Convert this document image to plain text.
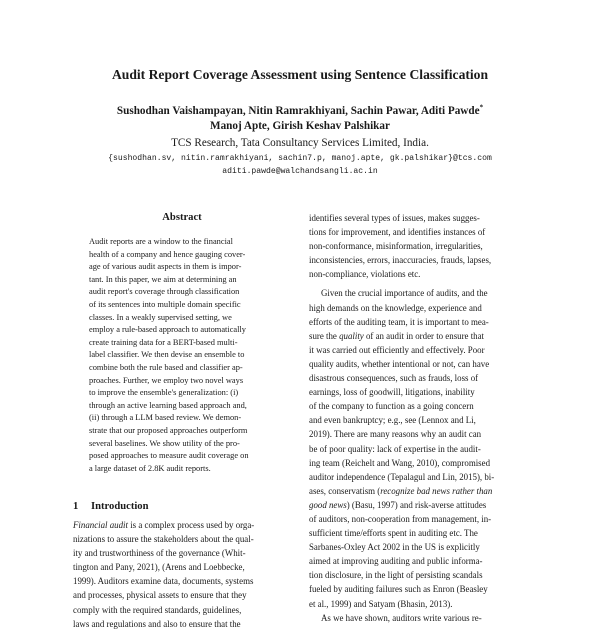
Audit Report Coverage Assessment using Sentence Classification
Sushodhan Vaishampayan, Nitin Ramrakhiyani, Sachin Pawar, Aditi Pawde*
Manoj Apte, Girish Keshav Palshikar
TCS Research, Tata Consultancy Services Limited, India.
{sushodhan.sv, nitin.ramrakhiyani, sachin7.p, manoj.apte, gk.palshikar}@tcs.com
aditi.pawde@walchandsangli.ac.in
Abstract
Audit reports are a window to the financial
health of a company and hence gauging cover-
age of various audit aspects in them is impor-
tant. In this paper, we aim at determining an
audit report's coverage through classification
of its sentences into multiple domain specific
classes. In a weakly supervised setting, we
employ a rule-based approach to automatically
create training data for a BERT-based multi-
label classifier. We then devise an ensemble to
combine both the rule based and classifier ap-
proaches. Further, we employ two novel ways
to improve the ensemble's generalization: (i)
through an active learning based approach and,
(ii) through a LLM based review. We demon-
strate that our proposed approaches outperform
several baselines. We show utility of the pro-
posed approaches to measure audit coverage on
a large dataset of 2.8K audit reports.
1 Introduction
Financial audit is a complex process used by orga-
nizations to assure the stakeholders about the qual-
ity and trustworthiness of the governance (Whit-
tington and Pany, 2021), (Arens and Loebbecke,
1999). Auditors examine data, documents, systems
and processes, physical assets to ensure that they
comply with the required standards, guidelines,
laws and regulations and also to ensure that the
identifies several types of issues, makes sugges-
tions for improvement, and identifies instances of
non-conformance, misinformation, irregularities,
inconsistencies, errors, inaccuracies, frauds, lapses,
non-compliance, violations etc.
Given the crucial importance of audits, and the
high demands on the knowledge, experience and
efforts of the auditing team, it is important to mea-
sure the quality of an audit in order to ensure that
it was carried out efficiently and effectively. Poor
quality audits, whether intentional or not, can have
disastrous consequences, such as frauds, loss of
earnings, loss of goodwill, litigations, inability
of the company to function as a going concern
and even bankruptcy; e.g., see (Lennox and Li,
2019). There are many reasons why an audit can
be of poor quality: lack of expertise in the audit-
ing team (Reichelt and Wang, 2010), compromised
auditor independence (Tepalagul and Lin, 2015), bi-
ases, conservatism (recognize bad news rather than
good news) (Basu, 1997) and risk-averse attitudes
of auditors, non-cooperation from management, in-
sufficient time/efforts spent in auditing etc. The
Sarbanes-Oxley Act 2002 in the US is explicitly
aimed at improving auditing and public informa-
tion disclosure, in the light of persisting scandals
fueled by auditing failures such as Enron (Beasley
et al., 1999) and Satyam (Bhasin, 2013).
As we have shown, auditors write various re-
